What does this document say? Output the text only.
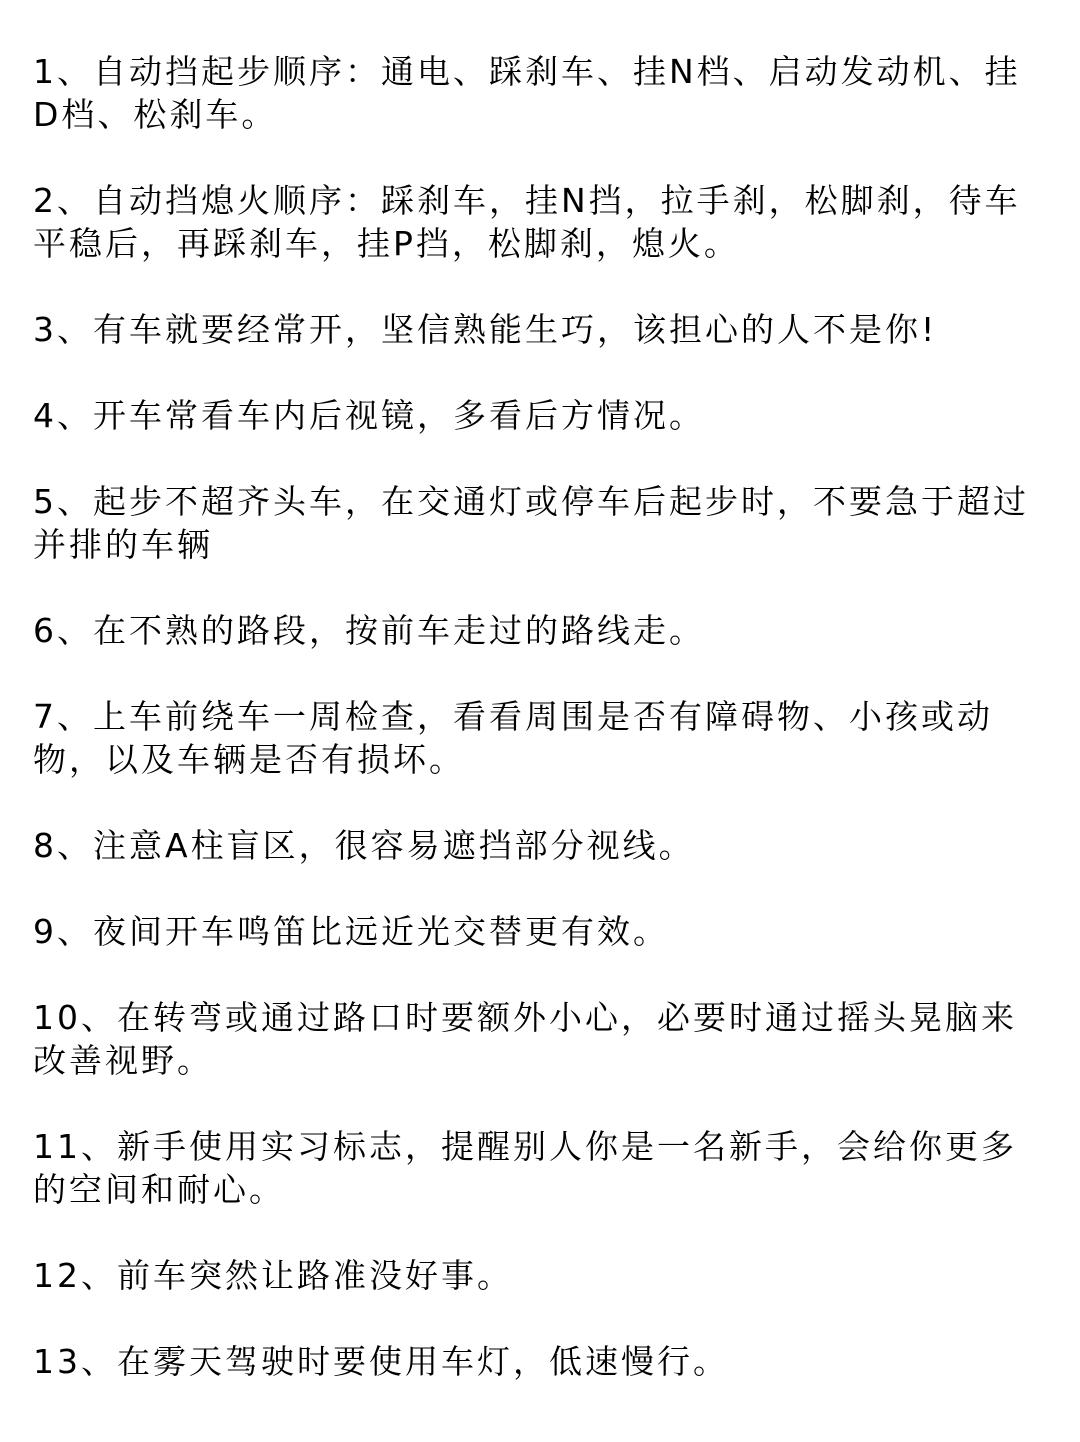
1、自动挡起步顺序：通电、踩刹车、挂N档、启动发动机、挂D档、松刹车。

2、自动挡熄火顺序：踩刹车，挂N挡，拉手刹，松脚刹，待车平稳后，再踩刹车，挂P挡，松脚刹，熄火。

3、有车就要经常开，坚信熟能生巧，该担心的人不是你!

4、开车常看车内后视镜，多看后方情况。

5、起步不超齐头车，在交通灯或停车后起步时，不要急于超过并排的车辆

6、在不熟的路段，按前车走过的路线走。

7、上车前绕车一周检查，看看周围是否有障碍物、小孩或动物，以及车辆是否有损坏。

8、注意A柱盲区，很容易遮挡部分视线。

9、夜间开车鸣笛比远近光交替更有效。

10、在转弯或通过路口时要额外小心，必要时通过摇头晃脑来改善视野。

11、新手使用实习标志，提醒别人你是一名新手，会给你更多的空间和耐心。

12、前车突然让路准没好事。

13、在雾天驾驶时要使用车灯，低速慢行。
